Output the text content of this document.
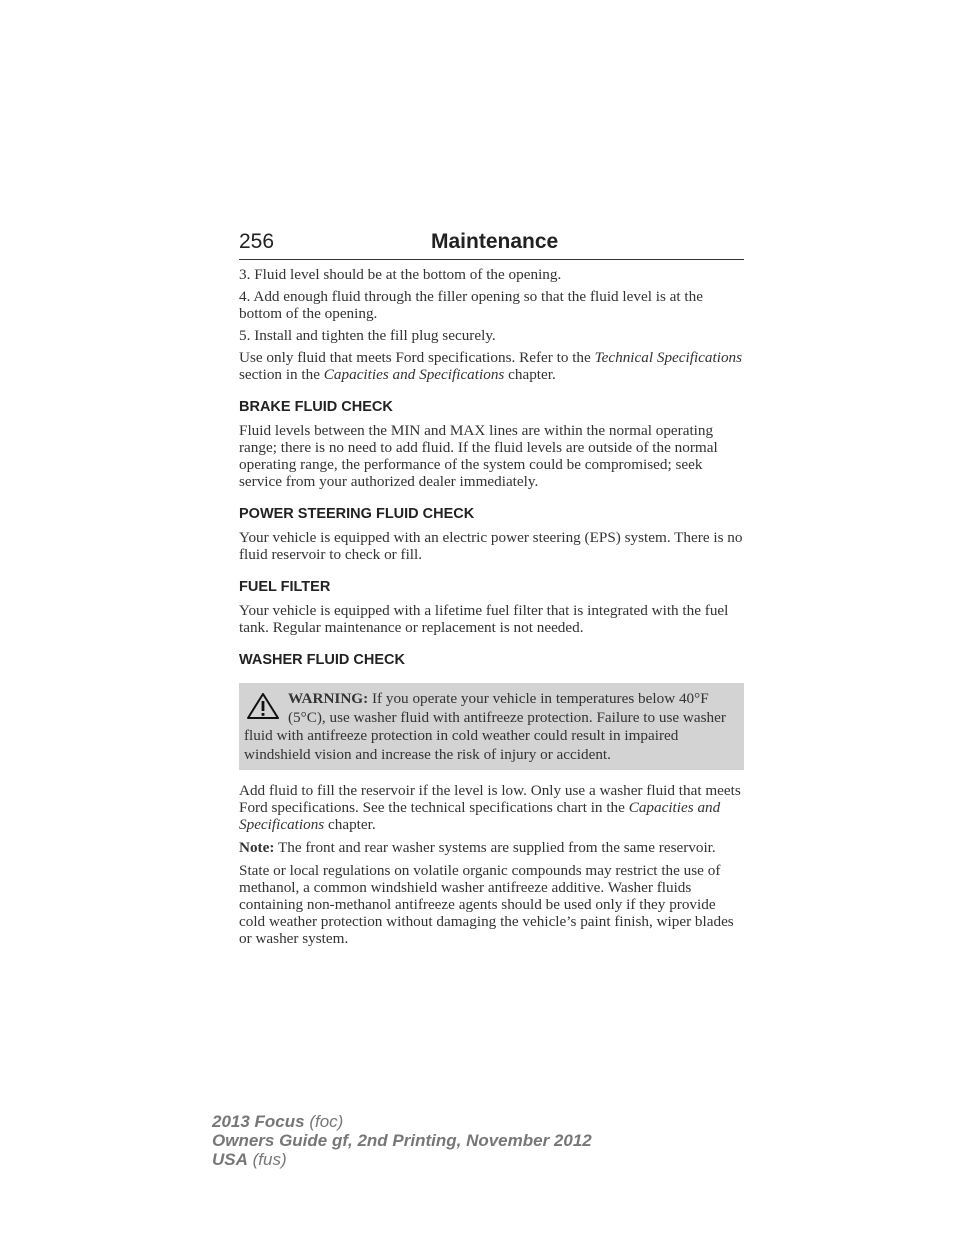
256	Maintenance

3. Fluid level should be at the bottom of the opening.

4. Add enough fluid through the filler opening so that the fluid level is at the bottom of the opening.

5. Install and tighten the fill plug securely.

Use only fluid that meets Ford specifications. Refer to the Technical Specifications section in the Capacities and Specifications chapter.

BRAKE FLUID CHECK

Fluid levels between the MIN and MAX lines are within the normal operating range; there is no need to add fluid. If the fluid levels are outside of the normal operating range, the performance of the system could be compromised; seek service from your authorized dealer immediately.

POWER STEERING FLUID CHECK

Your vehicle is equipped with an electric power steering (EPS) system. There is no fluid reservoir to check or fill.

FUEL FILTER

Your vehicle is equipped with a lifetime fuel filter that is integrated with the fuel tank. Regular maintenance or replacement is not needed.

WASHER FLUID CHECK
WARNING: If you operate your vehicle in temperatures below 40°F (5°C), use washer fluid with antifreeze protection. Failure to use washer fluid with antifreeze protection in cold weather could result in impaired windshield vision and increase the risk of injury or accident.

Add fluid to fill the reservoir if the level is low. Only use a washer fluid that meets Ford specifications. See the technical specifications chart in the Capacities and Specifications chapter.

Note: The front and rear washer systems are supplied from the same reservoir.

State or local regulations on volatile organic compounds may restrict the use of methanol, a common windshield washer antifreeze additive. Washer fluids containing non-methanol antifreeze agents should be used only if they provide cold weather protection without damaging the vehicle’s paint finish, wiper blades or washer system.

2013 Focus (foc)
Owners Guide gf, 2nd Printing, November 2012
USA (fus)
